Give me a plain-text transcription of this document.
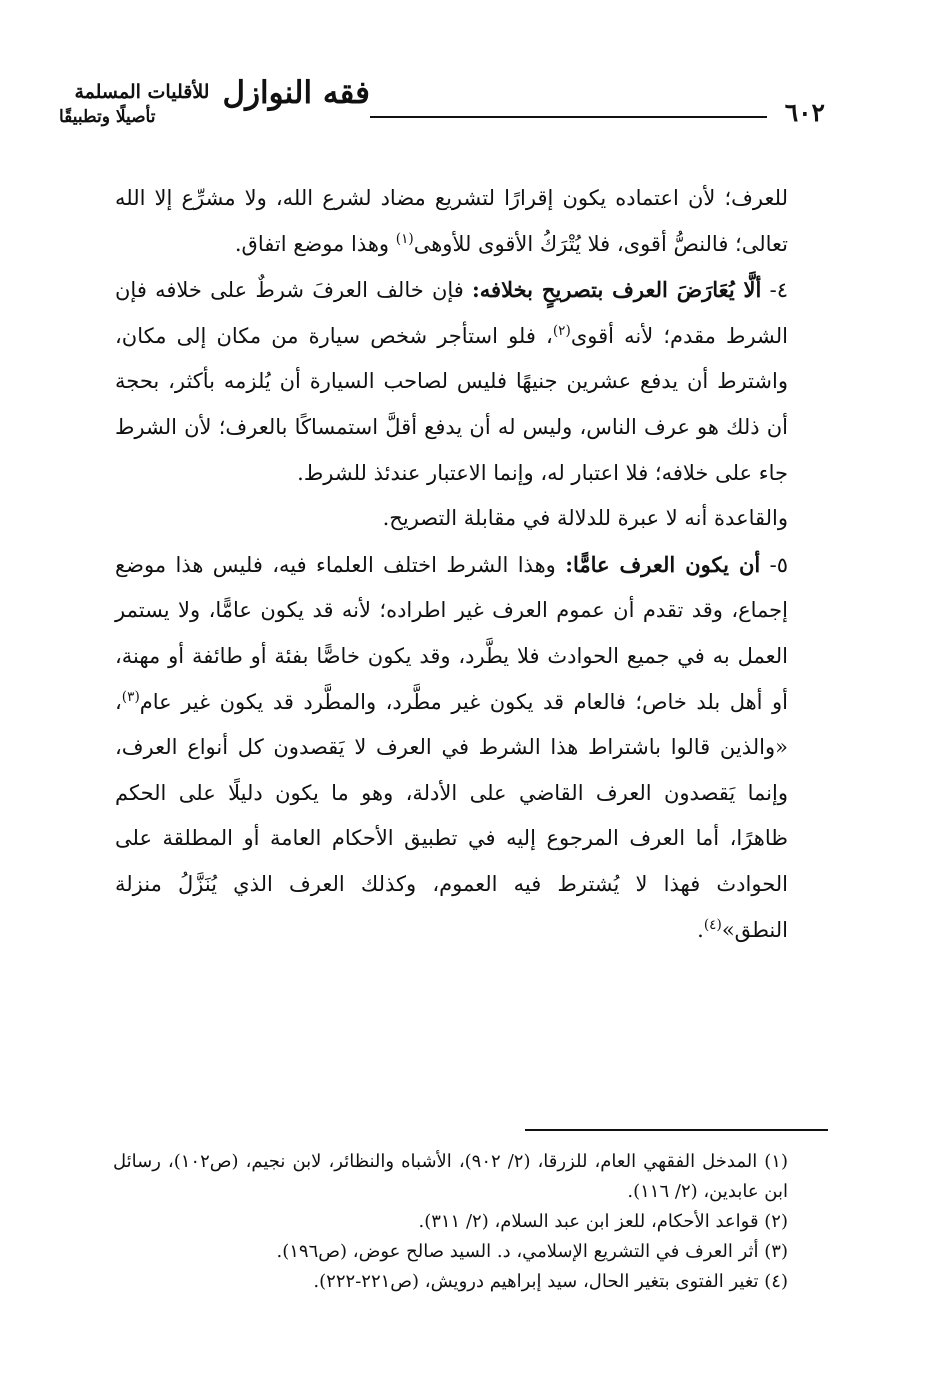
٦٠٢
فقه النوازل للأقليات المسلمة
تأصيلًا وتطبيقًا

للعرف؛ لأن اعتماده يكون إقرارًا لتشريع مضاد لشرع الله، ولا مشرِّع إلا الله تعالى؛ فالنصُّ أقوى، فلا يُتْرَكُ الأقوى للأوهى$^{(١)}$ وهذا موضع اتفاق.

٤- ألَّا يُعَارَضَ العرف بتصريحٍ بخلافه: فإن خالف العرفَ شرطٌ على خلافه فإن الشرط مقدم؛ لأنه أقوى$^{(٢)}$، فلو استأجر شخص سيارة من مكان إلى مكان، واشترط أن يدفع عشرين جنيهًا فليس لصاحب السيارة أن يُلزمه بأكثر، بحجة أن ذلك هو عرف الناس، وليس له أن يدفع أقلَّ استمساكًا بالعرف؛ لأن الشرط جاء على خلافه؛ فلا اعتبار له، وإنما الاعتبار عندئذ للشرط.

والقاعدة أنه لا عبرة للدلالة في مقابلة التصريح.

٥- أن يكون العرف عامًّا: وهذا الشرط اختلف العلماء فيه، فليس هذا موضع إجماع، وقد تقدم أن عموم العرف غير اطراده؛ لأنه قد يكون عامًّا، ولا يستمر العمل به في جميع الحوادث فلا يطَّرد، وقد يكون خاصًّا بفئة أو طائفة أو مهنة، أو أهل بلد خاص؛ فالعام قد يكون غير مطَّرد، والمطَّرد قد يكون غير عام$^{(٣)}$، «والذين قالوا باشتراط هذا الشرط في العرف لا يَقصدون كل أنواع العرف، وإنما يَقصدون العرف القاضي على الأدلة، وهو ما يكون دليلًا على الحكم ظاهرًا، أما العرف المرجوع إليه في تطبيق الأحكام العامة أو المطلقة على الحوادث فهذا لا يُشترط فيه العموم، وكذلك العرف الذي يُنَزَّلُ منزلة النطق»$^{(٤)}$.

(١) المدخل الفقهي العام، للزرقا، (٢/ ٩٠٢)، الأشباه والنظائر، لابن نجيم، (ص١٠٢)، رسائل ابن عابدين، (٢/ ١١٦).

(٢) قواعد الأحكام، للعز ابن عبد السلام، (٢/ ٣١١).

(٣) أثر العرف في التشريع الإسلامي، د. السيد صالح عوض، (ص١٩٦).

(٤) تغير الفتوى بتغير الحال، سيد إبراهيم درويش، (ص٢٢١-٢٢٢).
